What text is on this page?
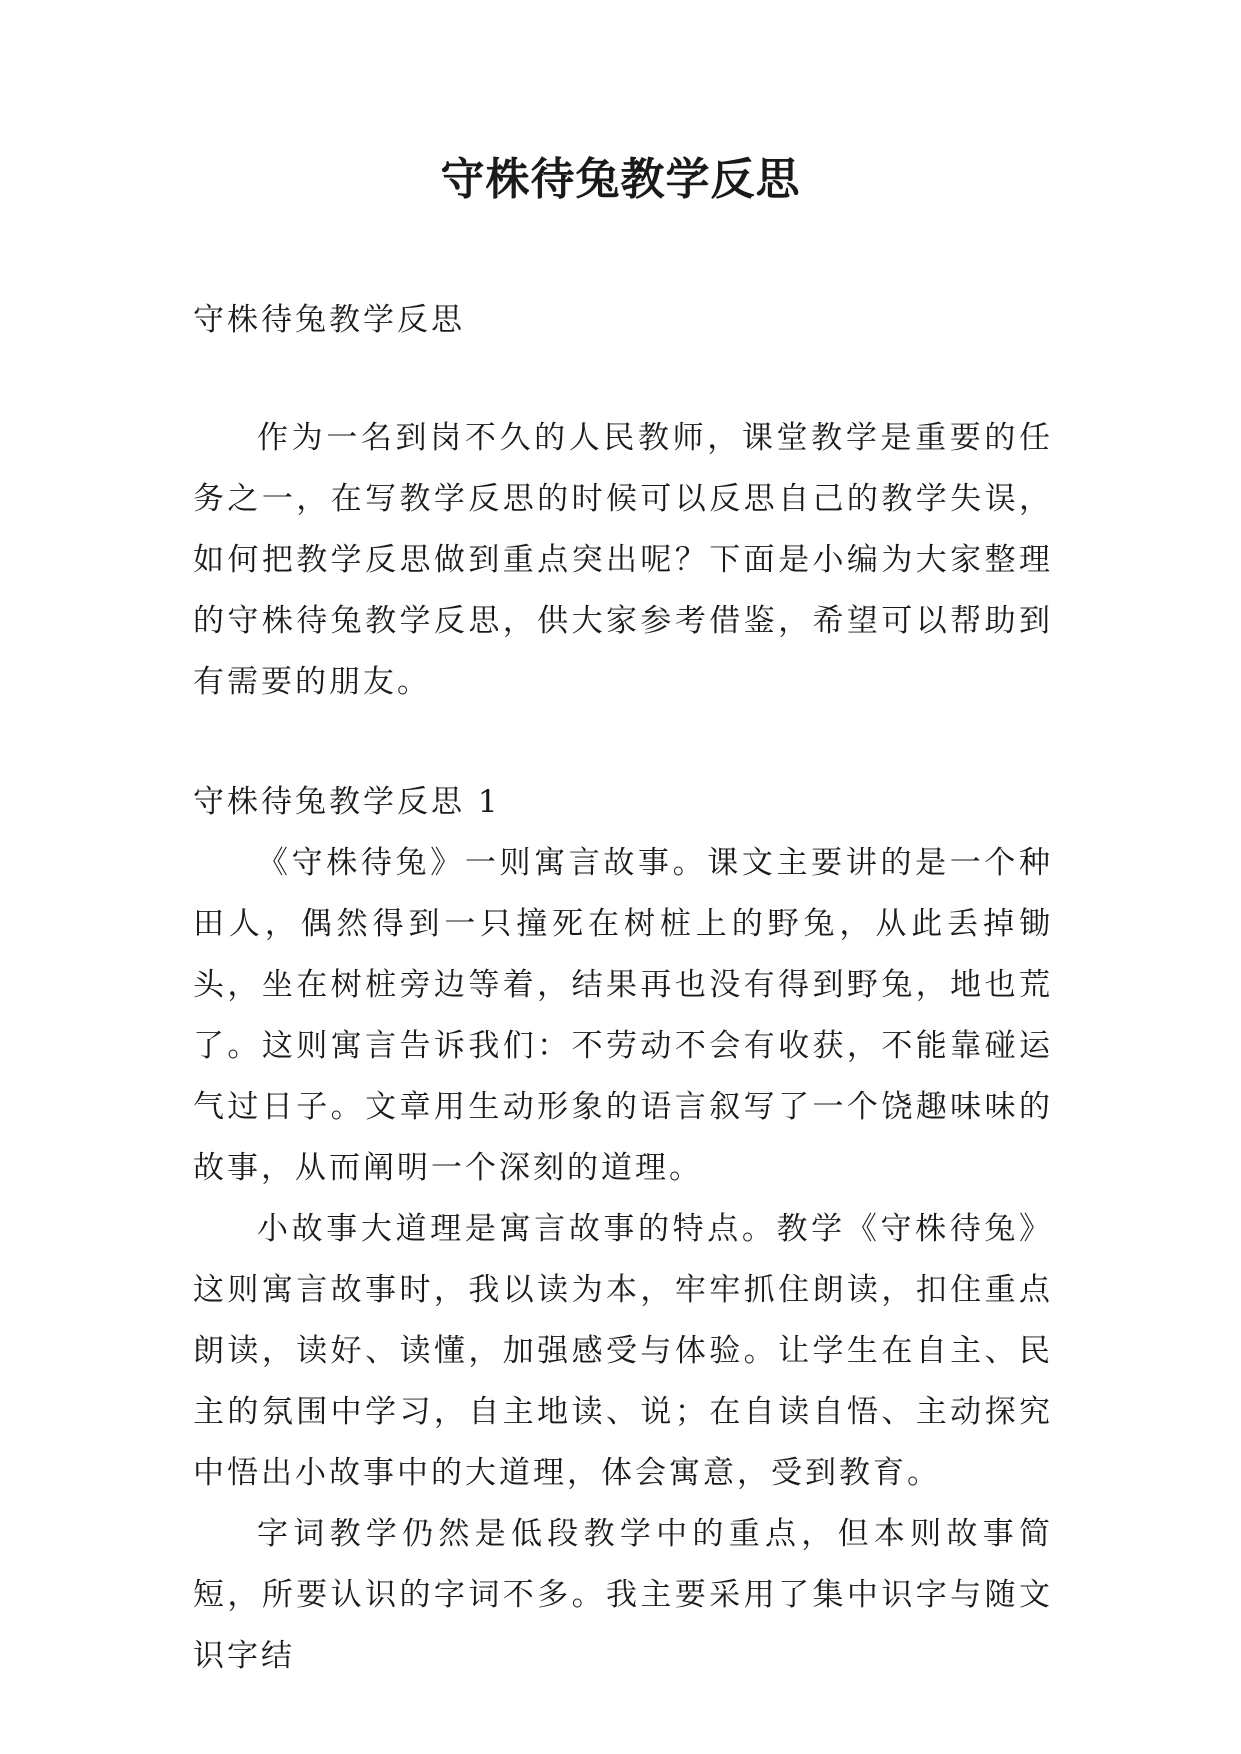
守株待兔教学反思

守株待兔教学反思

作为一名到岗不久的人民教师，课堂教学是重要的任务之一，在写教学反思的时候可以反思自己的教学失误，如何把教学反思做到重点突出呢？下面是小编为大家整理的守株待兔教学反思，供大家参考借鉴，希望可以帮助到有需要的朋友。

守株待兔教学反思 1

《守株待兔》一则寓言故事。课文主要讲的是一个种田人，偶然得到一只撞死在树桩上的野兔，从此丢掉锄头，坐在树桩旁边等着，结果再也没有得到野兔，地也荒了。这则寓言告诉我们：不劳动不会有收获，不能靠碰运气过日子。文章用生动形象的语言叙写了一个饶趣味味的故事，从而阐明一个深刻的道理。

小故事大道理是寓言故事的特点。教学《守株待兔》这则寓言故事时，我以读为本，牢牢抓住朗读，扣住重点朗读，读好、读懂，加强感受与体验。让学生在自主、民主的氛围中学习，自主地读、说；在自读自悟、主动探究中悟出小故事中的大道理，体会寓意，受到教育。

字词教学仍然是低段教学中的重点，但本则故事简短，所要认识的字词不多。我主要采用了集中识字与随文识字结
